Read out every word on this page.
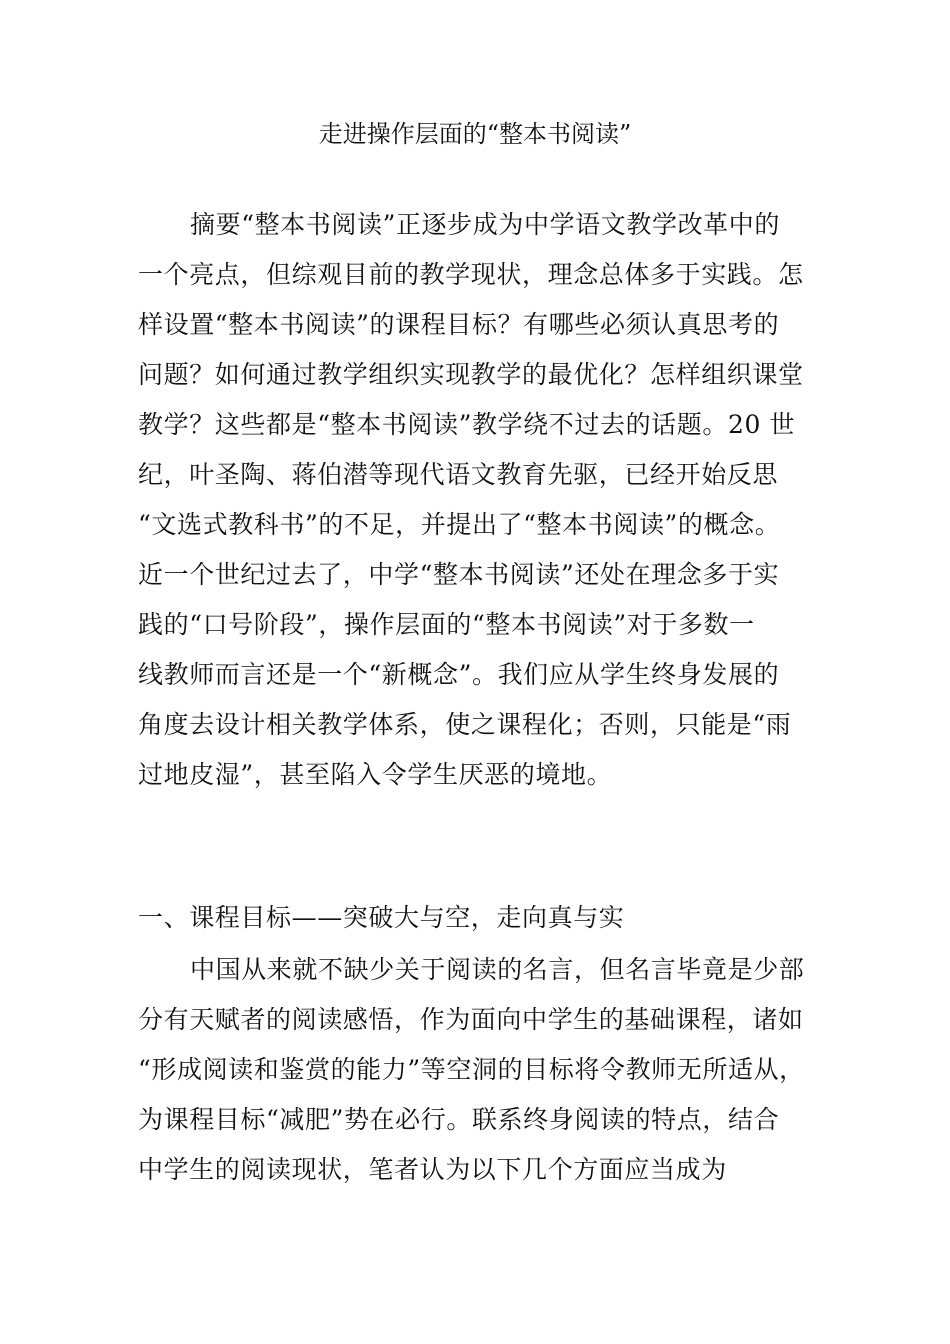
走进操作层面的“整本书阅读”
摘要“整本书阅读”正逐步成为中学语文教学改革中的
一个亮点，但综观目前的教学现状，理念总体多于实践。怎
样设置“整本书阅读”的课程目标？有哪些必须认真思考的
问题？如何通过教学组织实现教学的最优化？怎样组织课堂
教学？这些都是“整本书阅读”教学绕不过去的话题。20 世
纪，叶圣陶、蒋伯潜等现代语文教育先驱，已经开始反思
“文选式教科书”的不足，并提出了“整本书阅读”的概念。
近一个世纪过去了，中学“整本书阅读”还处在理念多于实
践的“口号阶段”，操作层面的“整本书阅读”对于多数一
线教师而言还是一个“新概念”。我们应从学生终身发展的
角度去设计相关教学体系，使之课程化；否则，只能是“雨
过地皮湿”，甚至陷入令学生厌恶的境地。
一、课程目标——突破大与空，走向真与实
中国从来就不缺少关于阅读的名言，但名言毕竟是少部
分有天赋者的阅读感悟，作为面向中学生的基础课程，诸如
“形成阅读和鉴赏的能力”等空洞的目标将令教师无所适从，
为课程目标“减肥”势在必行。联系终身阅读的特点，结合
中学生的阅读现状，笔者认为以下几个方面应当成为
